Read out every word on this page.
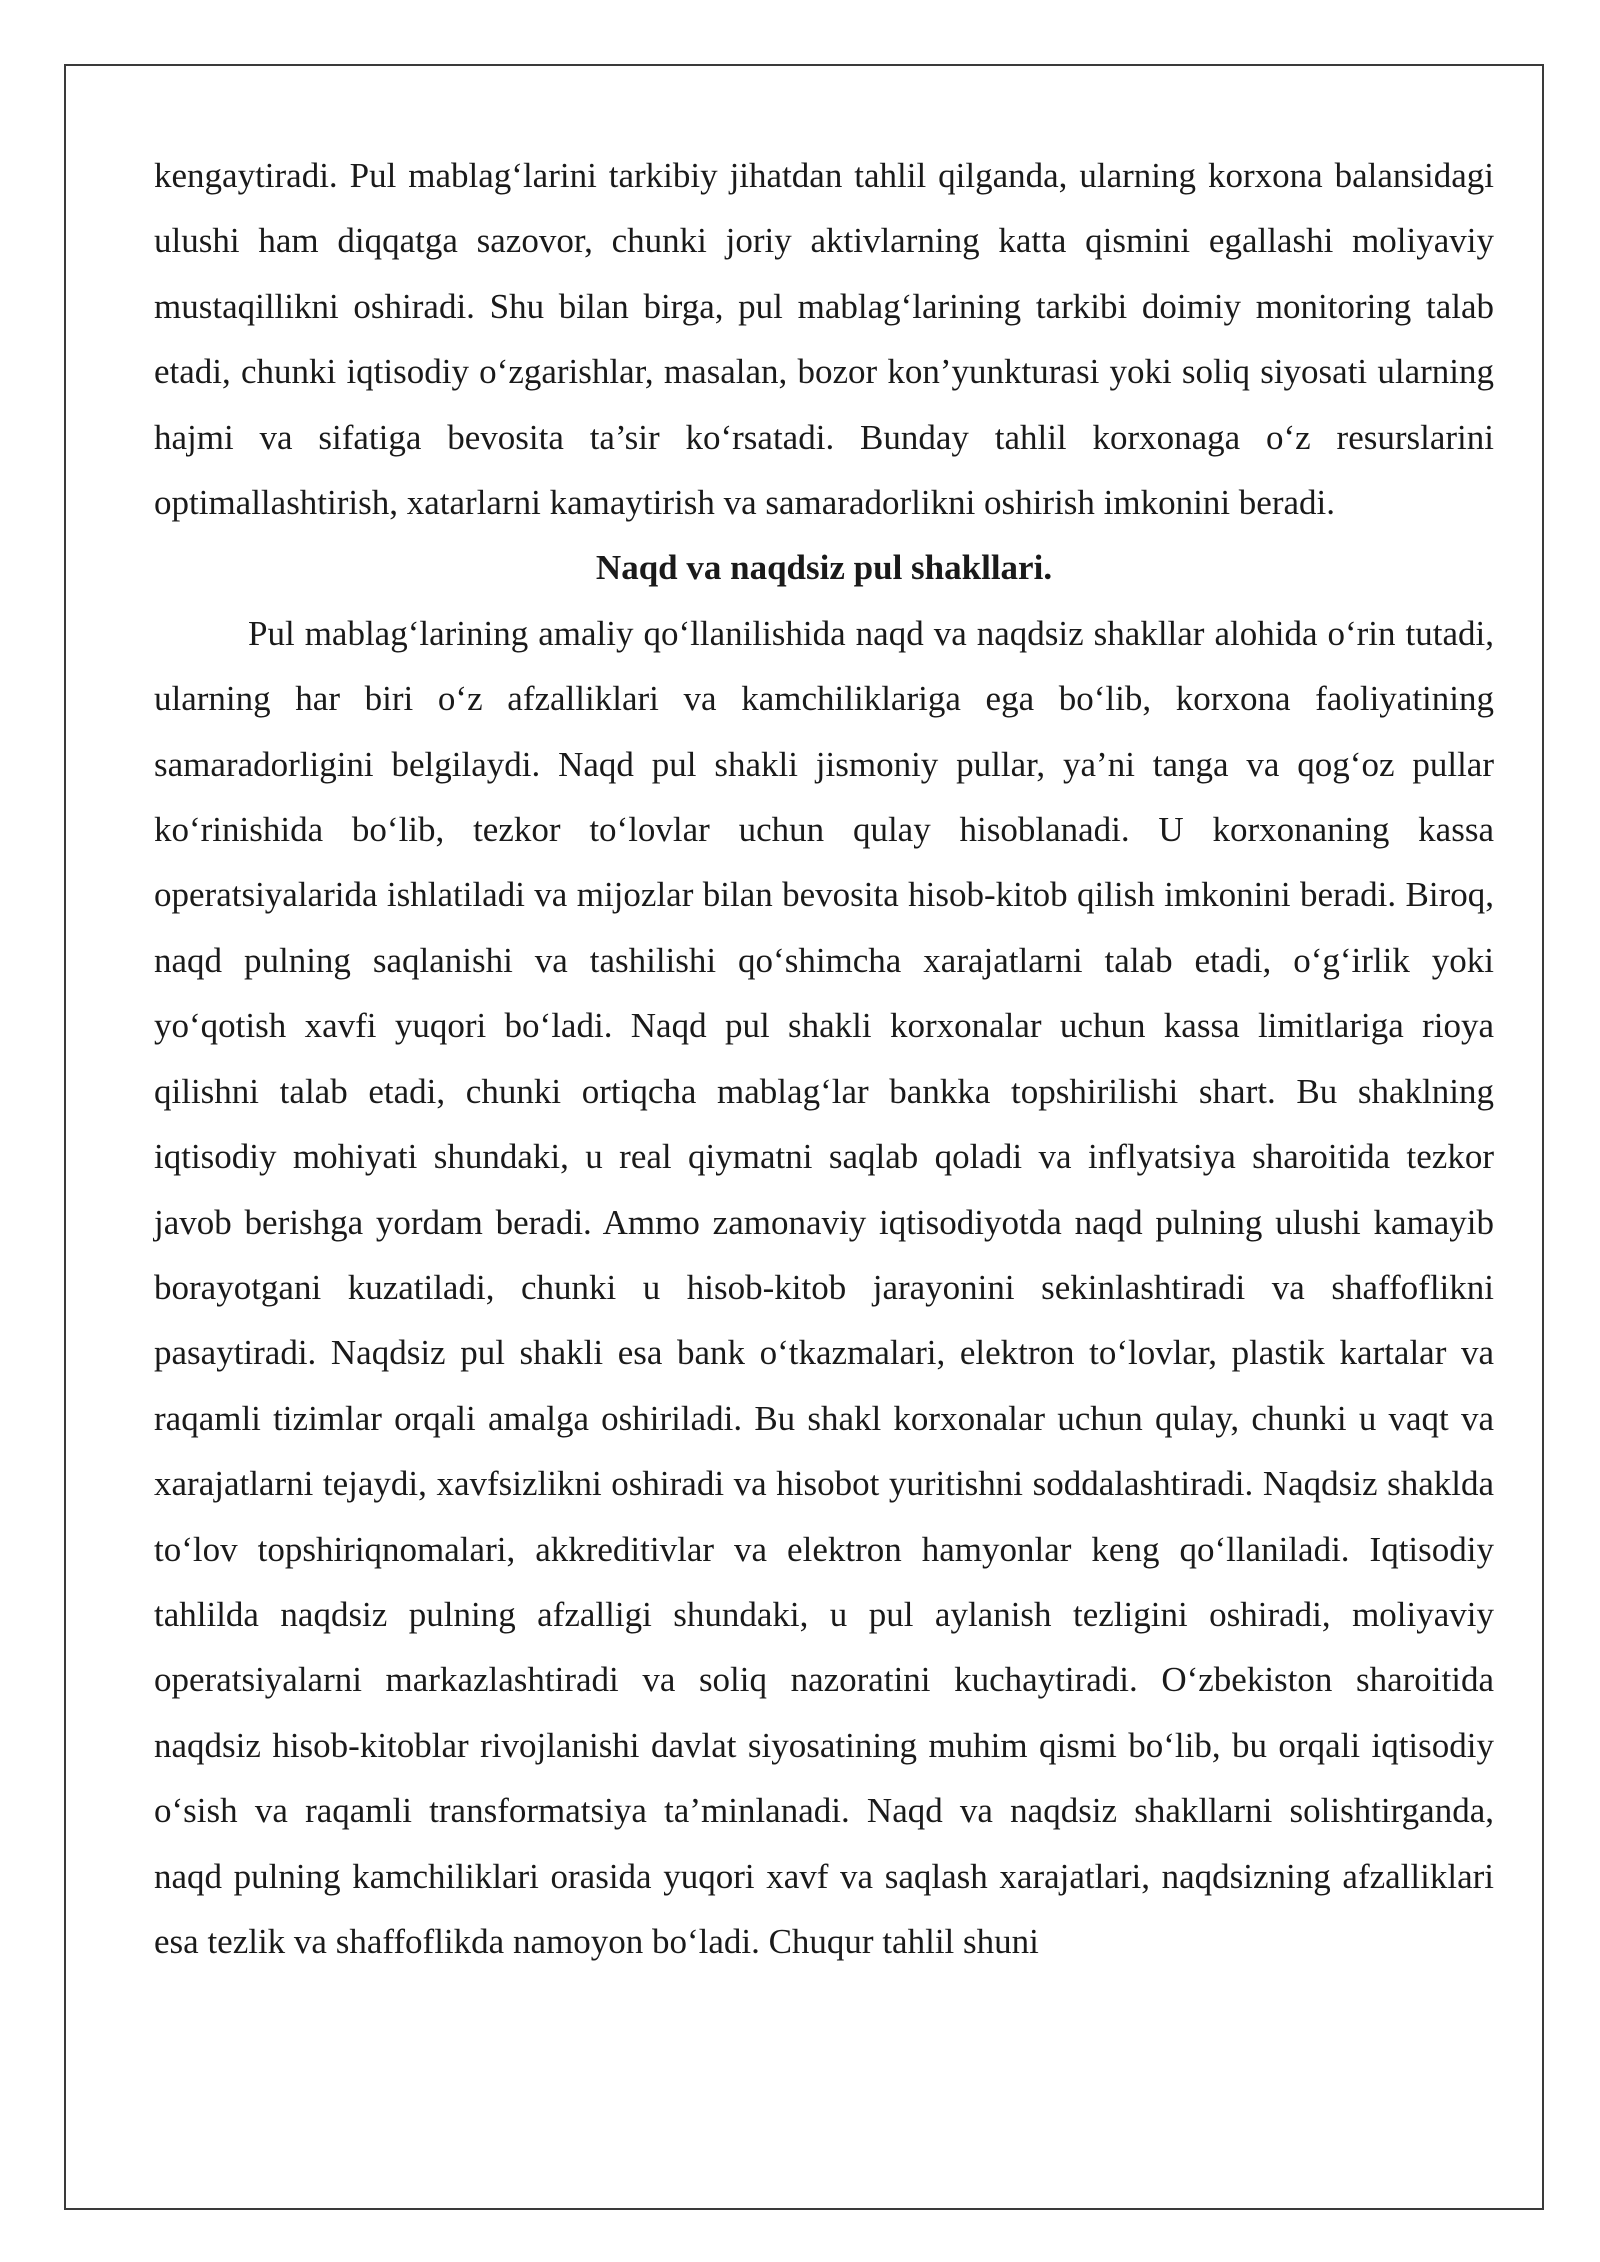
kengaytiradi. Pul mablag‘larini tarkibiy jihatdan tahlil qilganda, ularning korxona balansidagi ulushi ham diqqatga sazovor, chunki joriy aktivlarning katta qismini egallashi moliyaviy mustaqillikni oshiradi. Shu bilan birga, pul mablag‘larining tarkibi doimiy monitoring talab etadi, chunki iqtisodiy o‘zgarishlar, masalan, bozor kon’yunkturasi yoki soliq siyosati ularning hajmi va sifatiga bevosita ta’sir ko‘rsatadi. Bunday tahlil korxonaga o‘z resurslarini optimallashtirish, xatarlarni kamaytirish va samaradorlikni oshirish imkonini beradi.

Naqd va naqdsiz pul shakllari.

Pul mablag‘larining amaliy qo‘llanilishida naqd va naqdsiz shakllar alohida o‘rin tutadi, ularning har biri o‘z afzalliklari va kamchiliklariga ega bo‘lib, korxona faoliyatining samaradorligini belgilaydi. Naqd pul shakli jismoniy pullar, ya’ni tanga va qog‘oz pullar ko‘rinishida bo‘lib, tezkor to‘lovlar uchun qulay hisoblanadi. U korxonaning kassa operatsiyalarida ishlatiladi va mijozlar bilan bevosita hisob-kitob qilish imkonini beradi. Biroq, naqd pulning saqlanishi va tashilishi qo‘shimcha xarajatlarni talab etadi, o‘g‘irlik yoki yo‘qotish xavfi yuqori bo‘ladi. Naqd pul shakli korxonalar uchun kassa limitlariga rioya qilishni talab etadi, chunki ortiqcha mablag‘lar bankka topshirilishi shart. Bu shaklning iqtisodiy mohiyati shundaki, u real qiymatni saqlab qoladi va inflyatsiya sharoitida tezkor javob berishga yordam beradi. Ammo zamonaviy iqtisodiyotda naqd pulning ulushi kamayib borayotgani kuzatiladi, chunki u hisob-kitob jarayonini sekinlashtiradi va shaffoflikni pasaytiradi. Naqdsiz pul shakli esa bank o‘tkazmalari, elektron to‘lovlar, plastik kartalar va raqamli tizimlar orqali amalga oshiriladi. Bu shakl korxonalar uchun qulay, chunki u vaqt va xarajatlarni tejaydi, xavfsizlikni oshiradi va hisobot yuritishni soddalashtiradi. Naqdsiz shaklda to‘lov topshiriqnomalari, akkreditivlar va elektron hamyonlar keng qo‘llaniladi. Iqtisodiy tahlilda naqdsiz pulning afzalligi shundaki, u pul aylanish tezligini oshiradi, moliyaviy operatsiyalarni markazlashtiradi va soliq nazoratini kuchaytiradi. O‘zbekiston sharoitida naqdsiz hisob-kitoblar rivojlanishi davlat siyosatining muhim qismi bo‘lib, bu orqali iqtisodiy o‘sish va raqamli transformatsiya ta’minlanadi. Naqd va naqdsiz shakllarni solishtirganda, naqd pulning kamchiliklari orasida yuqori xavf va saqlash xarajatlari, naqdsizning afzalliklari esa tezlik va shaffoflikda namoyon bo‘ladi. Chuqur tahlil shuni
